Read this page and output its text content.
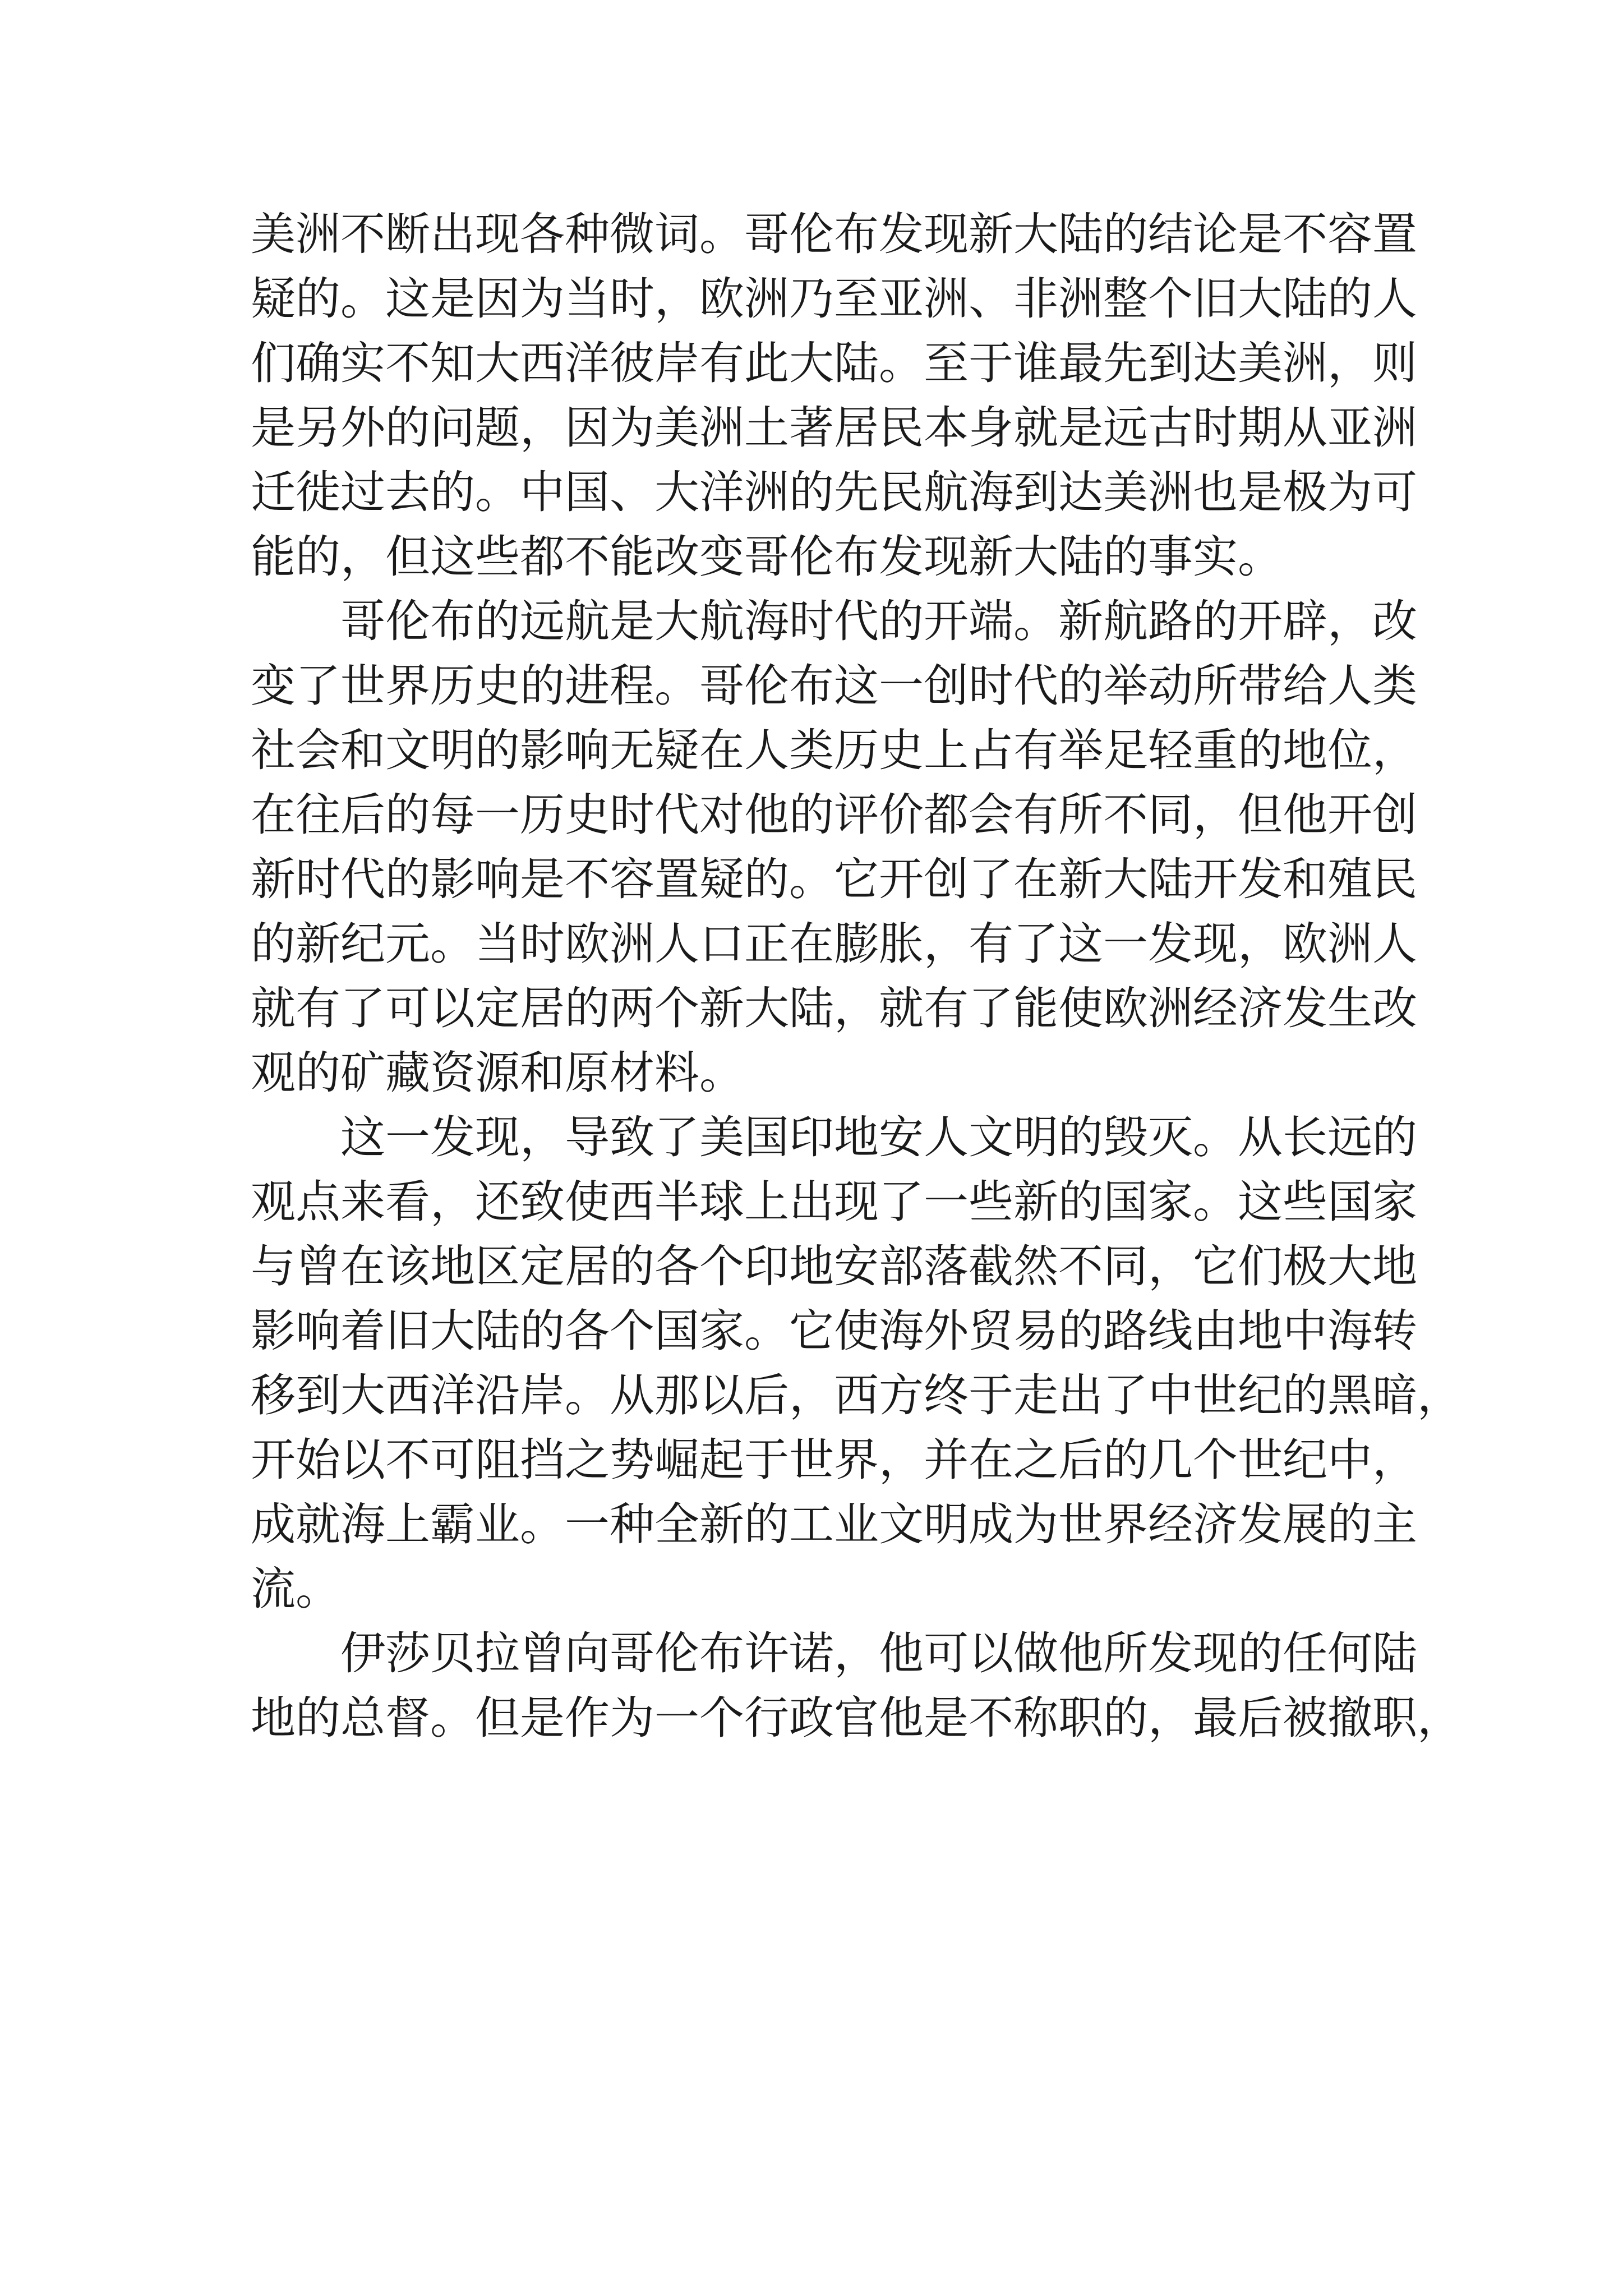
美洲不断出现各种微词。哥伦布发现新大陆的结论是不容置
疑的。这是因为当时，欧洲乃至亚洲、非洲整个旧大陆的人
们确实不知大西洋彼岸有此大陆。至于谁最先到达美洲，则
是另外的问题，因为美洲土著居民本身就是远古时期从亚洲
迁徙过去的。中国、大洋洲的先民航海到达美洲也是极为可
能的，但这些都不能改变哥伦布发现新大陆的事实。
哥伦布的远航是大航海时代的开端。新航路的开辟，改
变了世界历史的进程。哥伦布这一创时代的举动所带给人类
社会和文明的影响无疑在人类历史上占有举足轻重的地位，
在往后的每一历史时代对他的评价都会有所不同，但他开创
新时代的影响是不容置疑的。它开创了在新大陆开发和殖民
的新纪元。当时欧洲人口正在膨胀，有了这一发现，欧洲人
就有了可以定居的两个新大陆，就有了能使欧洲经济发生改
观的矿藏资源和原材料。
这一发现，导致了美国印地安人文明的毁灭。从长远的
观点来看，还致使西半球上出现了一些新的国家。这些国家
与曾在该地区定居的各个印地安部落截然不同，它们极大地
影响着旧大陆的各个国家。它使海外贸易的路线由地中海转
移到大西洋沿岸。从那以后，西方终于走出了中世纪的黑暗，
开始以不可阻挡之势崛起于世界，并在之后的几个世纪中，
成就海上霸业。一种全新的工业文明成为世界经济发展的主
流。
伊莎贝拉曾向哥伦布许诺，他可以做他所发现的任何陆
地的总督。但是作为一个行政官他是不称职的，最后被撤职，
